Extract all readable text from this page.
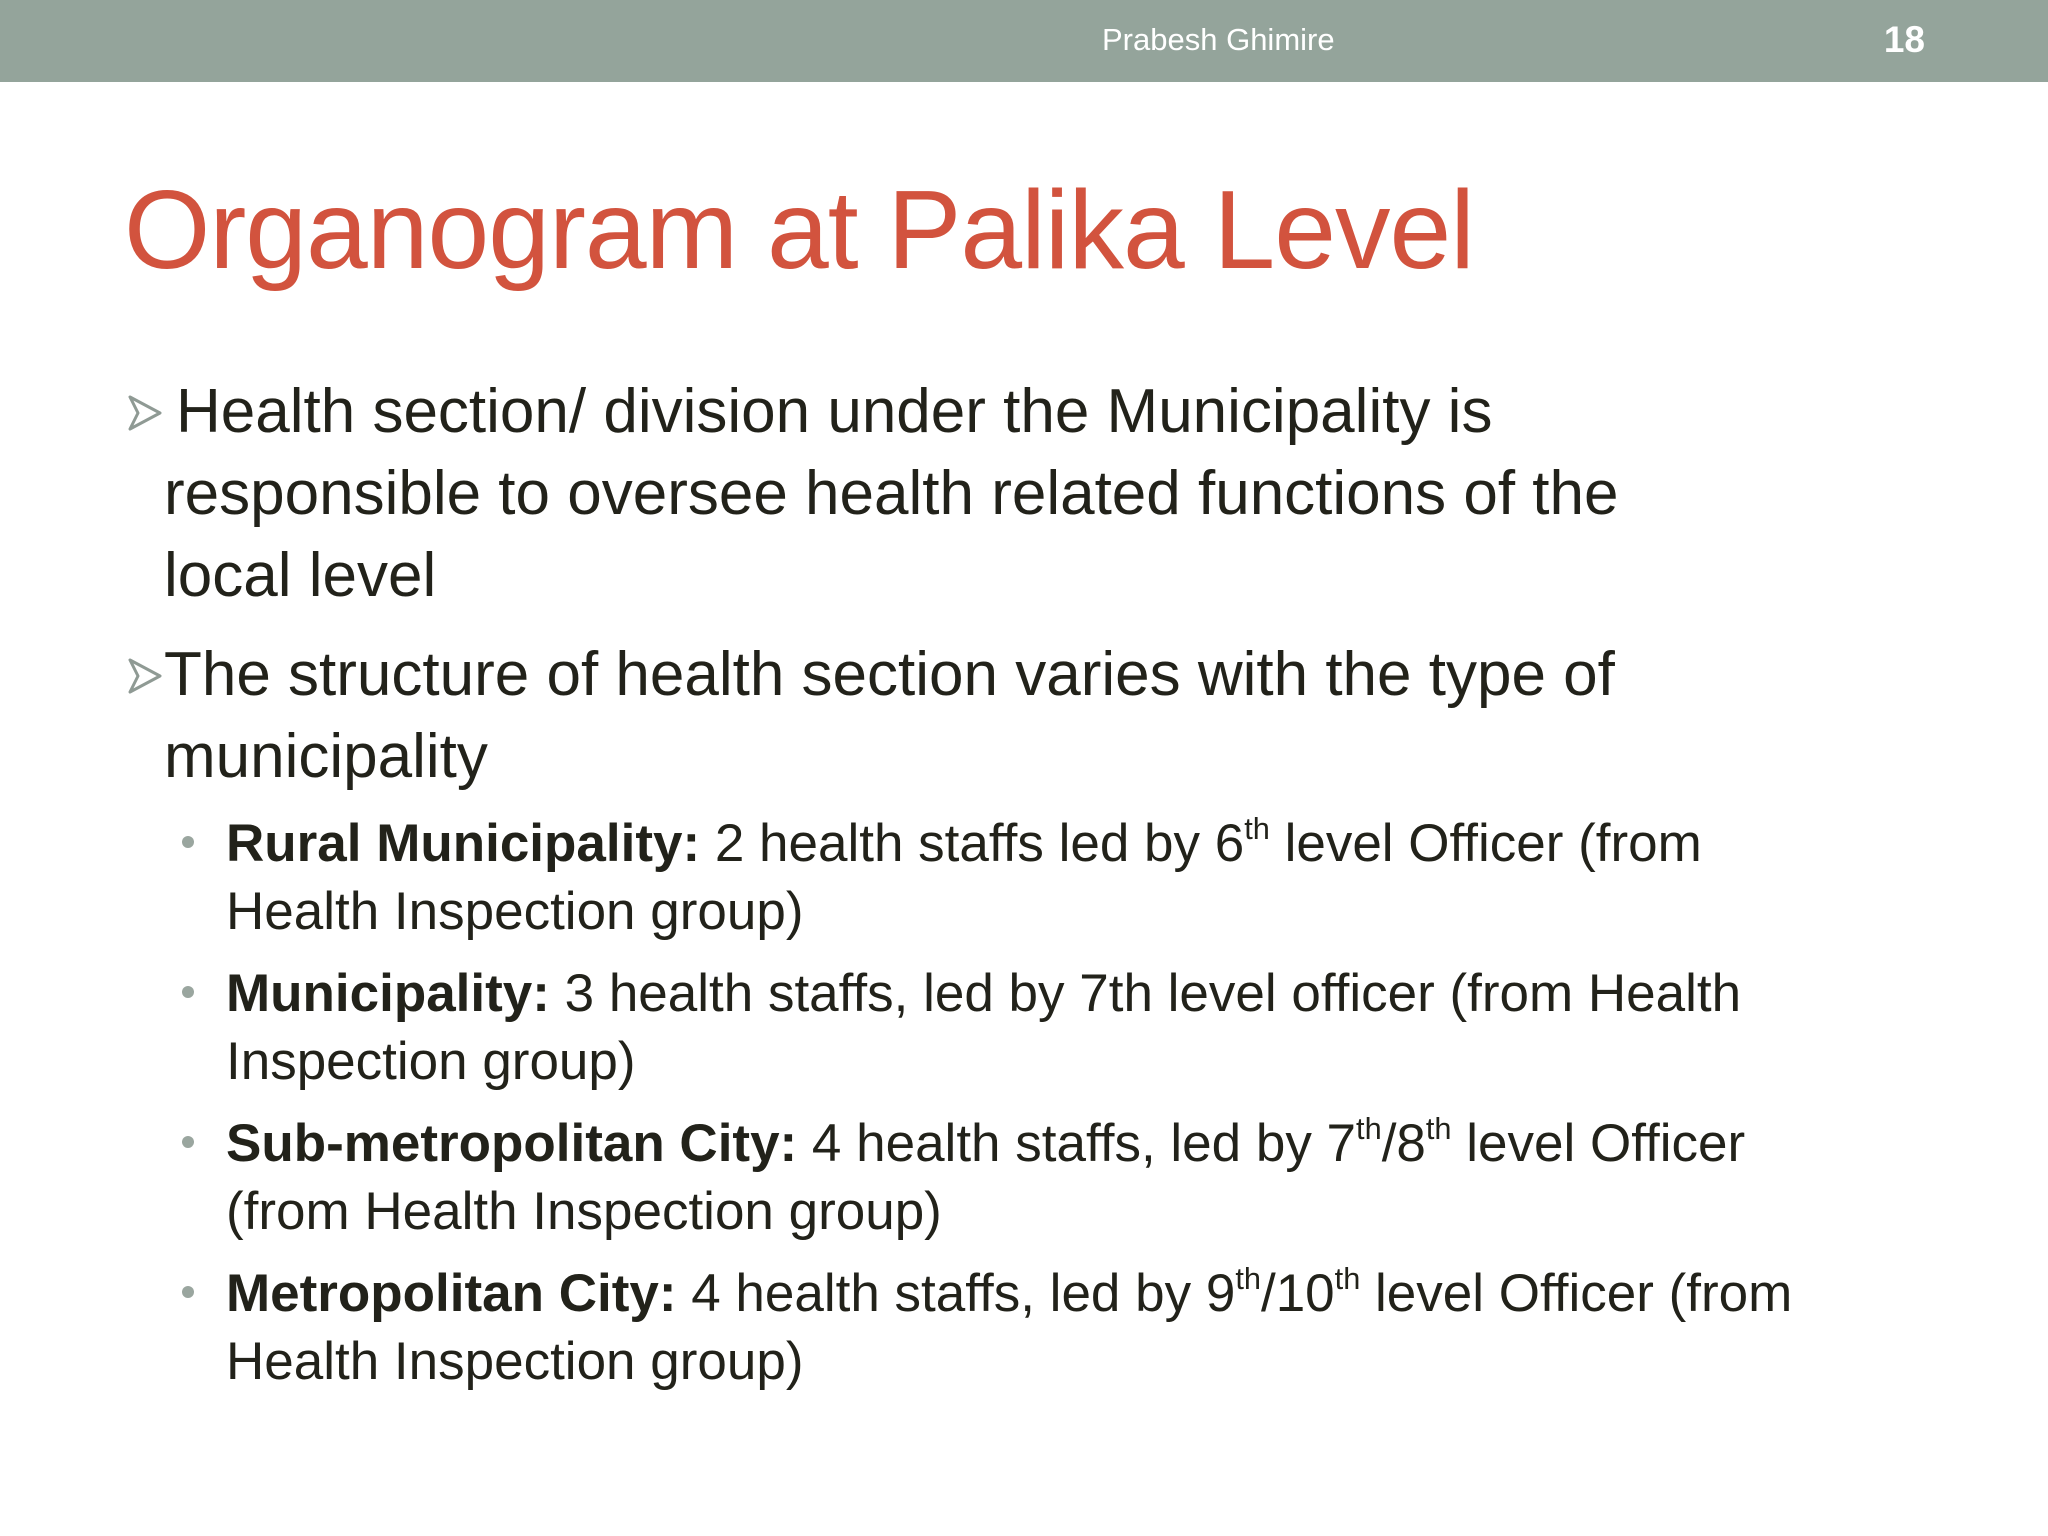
Prabesh Ghimire	18
Organogram at Palika Level
Health section/ division under the Municipality is
responsible to oversee health related functions of the
local level
The structure of health section varies with the type of
municipality
Rural Municipality: 2 health staffs led by 6th level Officer (from
Health Inspection group)
Municipality: 3 health staffs, led by 7th level officer (from Health
Inspection group)
Sub-metropolitan City: 4 health staffs, led by 7th/8th level Officer
(from Health Inspection group)
Metropolitan City: 4 health staffs, led by 9th/10th level Officer (from
Health Inspection group)
